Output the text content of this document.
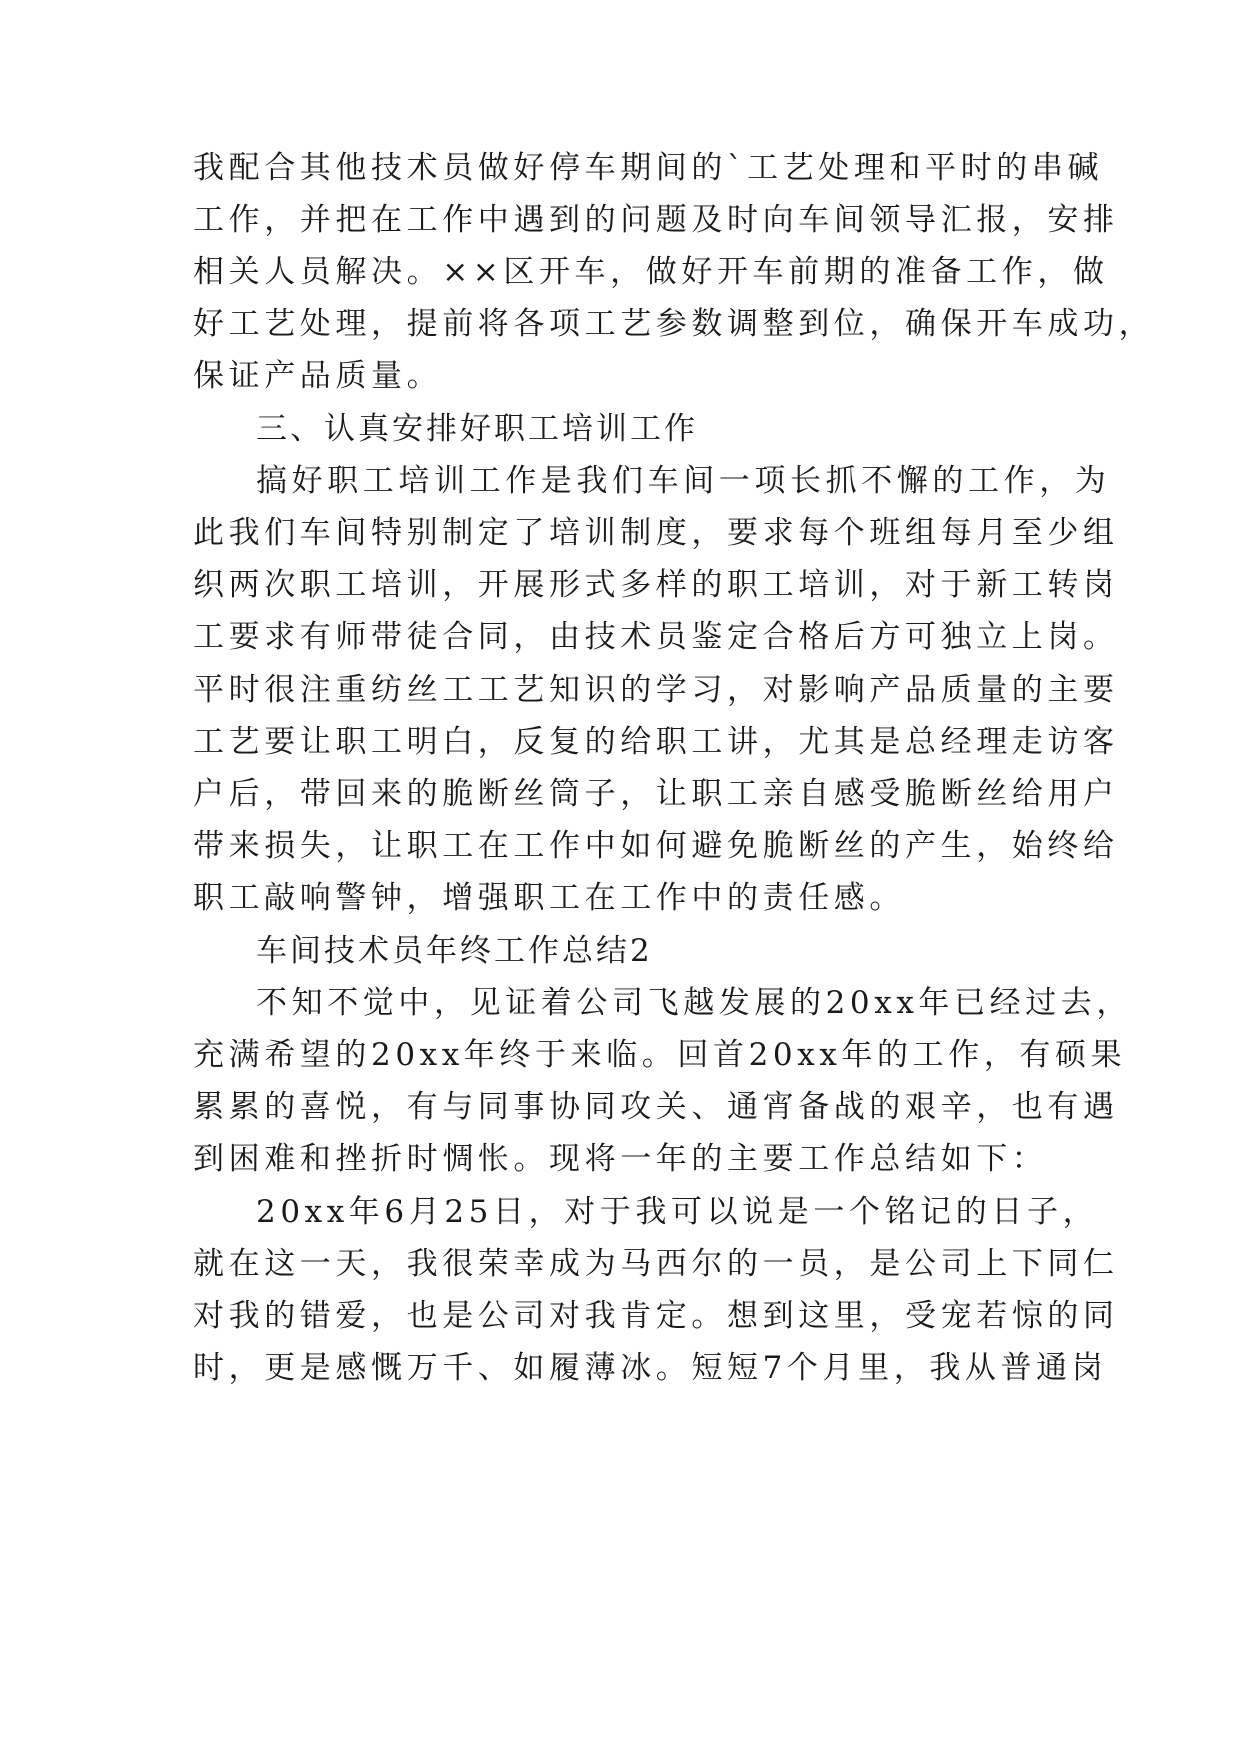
我配合其他技术员做好停车期间的`工艺处理和平时的串碱
工作，并把在工作中遇到的问题及时向车间领导汇报，安排
相关人员解决。××区开车，做好开车前期的准备工作，做
好工艺处理，提前将各项工艺参数调整到位，确保开车成功，
保证产品质量。
三、认真安排好职工培训工作
搞好职工培训工作是我们车间一项长抓不懈的工作，为
此我们车间特别制定了培训制度，要求每个班组每月至少组
织两次职工培训，开展形式多样的职工培训，对于新工转岗
工要求有师带徒合同，由技术员鉴定合格后方可独立上岗。
平时很注重纺丝工工艺知识的学习，对影响产品质量的主要
工艺要让职工明白，反复的给职工讲，尤其是总经理走访客
户后，带回来的脆断丝筒子，让职工亲自感受脆断丝给用户
带来损失，让职工在工作中如何避免脆断丝的产生，始终给
职工敲响警钟，增强职工在工作中的责任感。
车间技术员年终工作总结2
不知不觉中，见证着公司飞越发展的20xx年已经过去，
充满希望的20xx年终于来临。回首20xx年的工作，有硕果
累累的喜悦，有与同事协同攻关、通宵备战的艰辛，也有遇
到困难和挫折时惆怅。现将一年的主要工作总结如下：
20xx年6月25日，对于我可以说是一个铭记的日子，
就在这一天，我很荣幸成为马西尔的一员，是公司上下同仁
对我的错爱，也是公司对我肯定。想到这里，受宠若惊的同
时，更是感慨万千、如履薄冰。短短7个月里，我从普通岗
